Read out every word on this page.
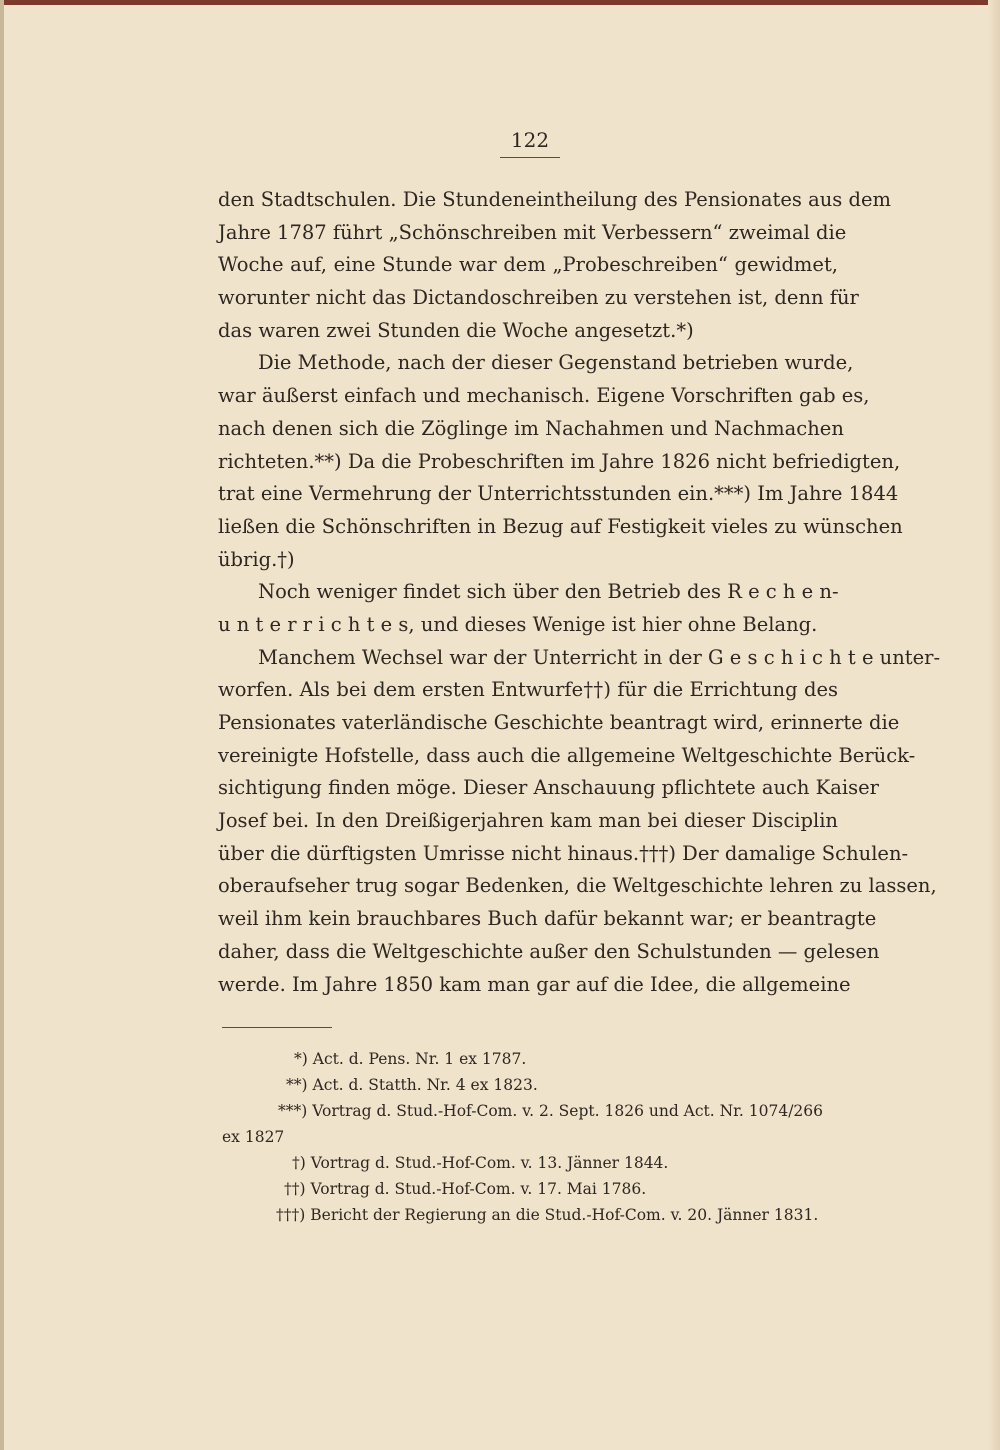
122
den Stadtschulen. Die Stundeneintheilung des Pensionates aus dem
Jahre 1787 führt „Schönschreiben mit Verbessern“ zweimal die
Woche auf, eine Stunde war dem „Probeschreiben“ gewidmet,
worunter nicht das Dictandoschreiben zu verstehen ist, denn für
das waren zwei Stunden die Woche angesetzt.*)
Die Methode, nach der dieser Gegenstand betrieben wurde,
war äußerst einfach und mechanisch. Eigene Vorschriften gab es,
nach denen sich die Zöglinge im Nachahmen und Nachmachen
richteten.**) Da die Probeschriften im Jahre 1826 nicht befriedigten,
trat eine Vermehrung der Unterrichtsstunden ein.***) Im Jahre 1844
ließen die Schönschriften in Bezug auf Festigkeit vieles zu wünschen
übrig.†)
Noch weniger findet sich über den Betrieb des R e c h e n-
u n t e r r i c h t e s, und dieses Wenige ist hier ohne Belang.
Manchem Wechsel war der Unterricht in der G e s c h i c h t e unter-
worfen. Als bei dem ersten Entwurfe††) für die Errichtung des
Pensionates vaterländische Geschichte beantragt wird, erinnerte die
vereinigte Hofstelle, dass auch die allgemeine Weltgeschichte Berück-
sichtigung finden möge. Dieser Anschauung pflichtete auch Kaiser
Josef bei. In den Dreißigerjahren kam man bei dieser Disciplin
über die dürftigsten Umrisse nicht hinaus.†††) Der damalige Schulen-
oberaufseher trug sogar Bedenken, die Weltgeschichte lehren zu lassen,
weil ihm kein brauchbares Buch dafür bekannt war; er beantragte
daher, dass die Weltgeschichte außer den Schulstunden — gelesen
werde. Im Jahre 1850 kam man gar auf die Idee, die allgemeine
*) Act. d. Pens. Nr. 1 ex 1787.
**) Act. d. Statth. Nr. 4 ex 1823.
***) Vortrag d. Stud.-Hof-Com. v. 2. Sept. 1826 und Act. Nr. 1074/266
ex 1827
†) Vortrag d. Stud.-Hof-Com. v. 13. Jänner 1844.
††) Vortrag d. Stud.-Hof-Com. v. 17. Mai 1786.
†††) Bericht der Regierung an die Stud.-Hof-Com. v. 20. Jänner 1831.
